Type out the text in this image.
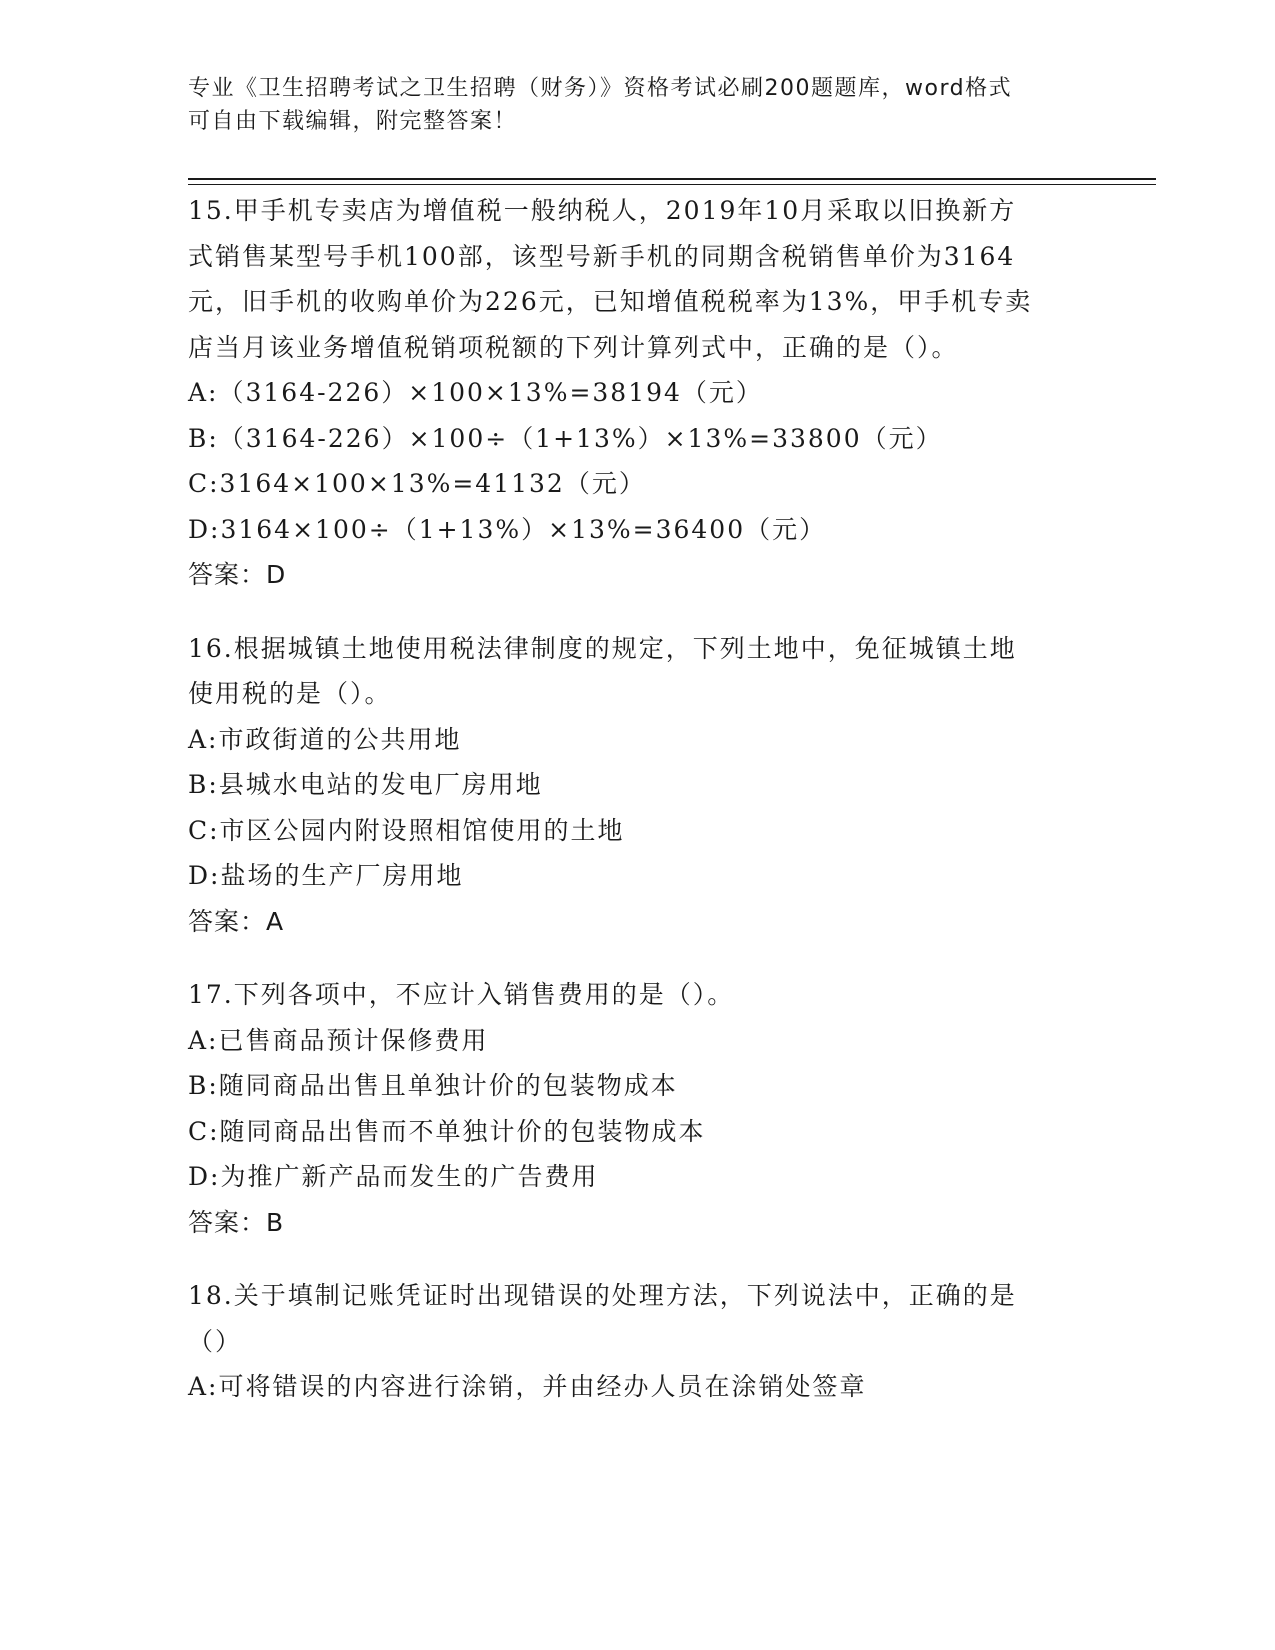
专业《卫生招聘考试之卫生招聘（财务）》资格考试必刷200题题库，word格式
可自由下载编辑，附完整答案！
15.甲手机专卖店为增值税一般纳税人，2019年10月采取以旧换新方
式销售某型号手机100部，该型号新手机的同期含税销售单价为3164
元，旧手机的收购单价为226元，已知增值税税率为13%，甲手机专卖
店当月该业务增值税销项税额的下列计算列式中，正确的是（）。
A:（3164-226）×100×13%=38194（元）
B:（3164-226）×100÷（1+13%）×13%=33800（元）
C:3164×100×13%=41132（元）
D:3164×100÷（1+13%）×13%=36400（元）
答案：D
16.根据城镇土地使用税法律制度的规定，下列土地中，免征城镇土地
使用税的是（）。
A:市政街道的公共用地
B:县城水电站的发电厂房用地
C:市区公园内附设照相馆使用的土地
D:盐场的生产厂房用地
答案：A
17.下列各项中，不应计入销售费用的是（）。
A:已售商品预计保修费用
B:随同商品出售且单独计价的包装物成本
C:随同商品出售而不单独计价的包装物成本
D:为推广新产品而发生的广告费用
答案：B
18.关于填制记账凭证时出现错误的处理方法，下列说法中，正确的是
（）
A:可将错误的内容进行涂销，并由经办人员在涂销处签章
